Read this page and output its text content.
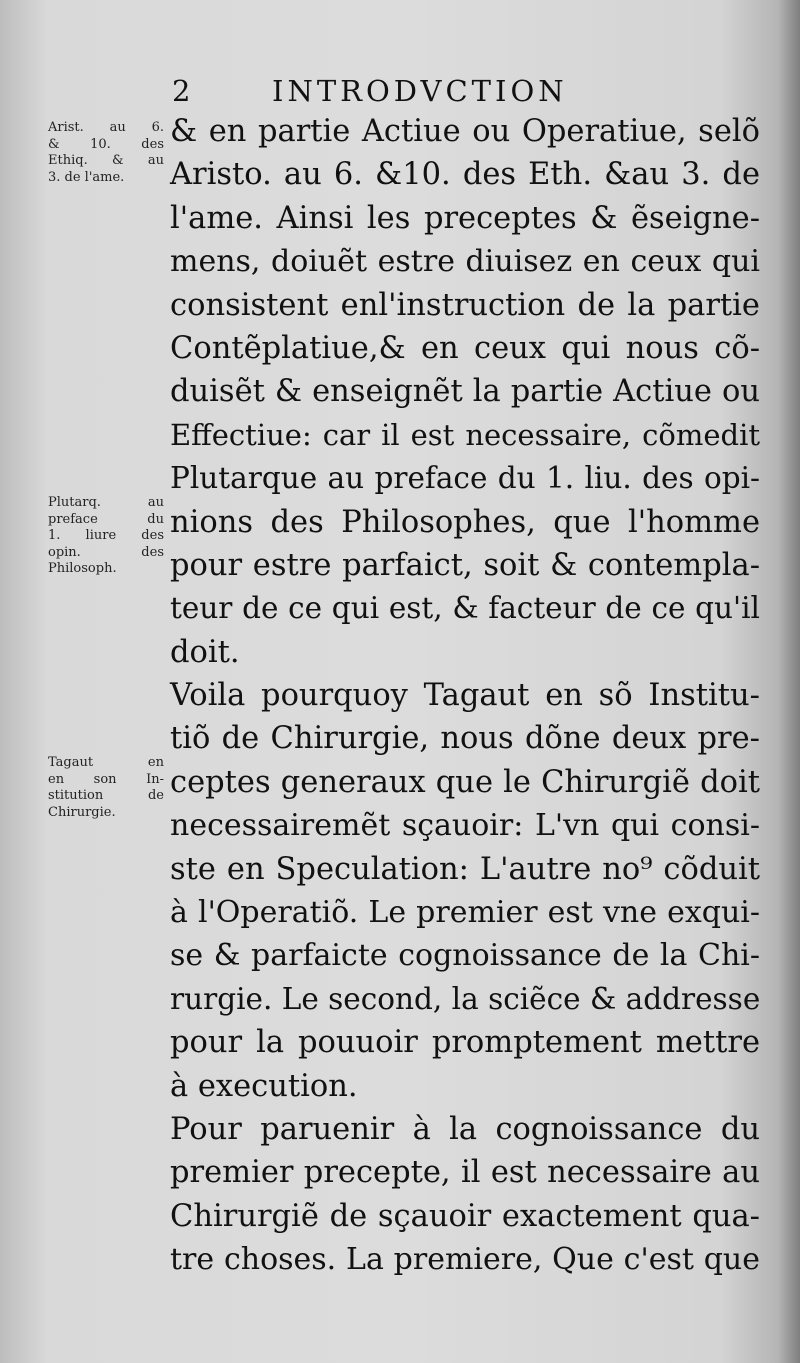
2	INTRODVCTION
Arist. au 6.
& 10. des
Ethiq. & au
3. de l'ame.
Plutarq. au
preface du
1. liure des
opin. des
Philosoph.
Tagaut en
en son In-
stitution de
Chirurgie.
& en partie Actiue ou Operatiue, selõ
Aristo. au 6. &10. des Eth. &au 3. de
l'ame. Ainsi les preceptes & ẽseigne-
mens, doiuẽt estre diuisez en ceux qui
consistent enl'instruction de la partie
Contẽplatiue,& en ceux qui nous cõ-
duisẽt & enseignẽt la partie Actiue ou
Effectiue: car il est necessaire, cõmedit
Plutarque au preface du 1. liu. des opi-
nions des Philosophes, que l'homme
pour estre parfaict, soit & contempla-
teur de ce qui est, & facteur de ce qu'il
doit.
Voila pourquoy Tagaut en sõ Institu-
tiõ de Chirurgie, nous dõne deux pre-
ceptes generaux que le Chirurgiẽ doit
necessairemẽt sçauoir: L'vn qui consi-
ste en Speculation: L'autre no⁹ cõduit
à l'Operatiõ. Le premier est vne exqui-
se & parfaicte cognoissance de la Chi-
rurgie. Le second, la sciẽce & addresse
pour la pouuoir promptement mettre
à execution.
Pour paruenir à la cognoissance du
premier precepte, il est necessaire au
Chirurgiẽ de sçauoir exactement qua-
tre choses. La premiere, Que c'est que
